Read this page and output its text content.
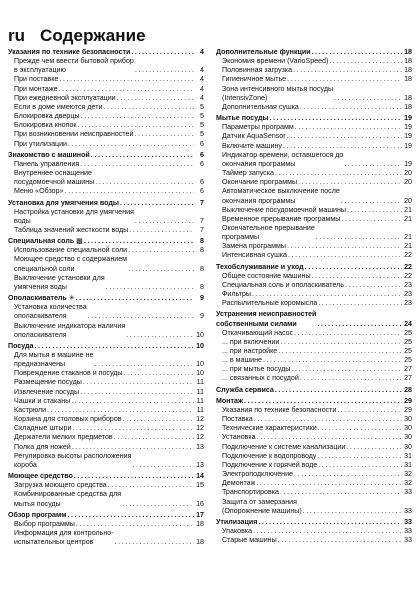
ru Содержание
Указания по технике безопасности .....	4
Прежде чем ввести бытовой прибор
в эксплуатацию .....	4
При поставке .....	4
При монтаже .....	4
При ежедневной эксплуатации .....	4
Если в доме имеются дети .....	5
Блокировка дверцы .....	5
Блокировка кнопок .....	5
При возникновении неисправностей .....	5
При утилизации .....	6
Знакомство с машиной .....	6
Панель управления .....	6
Внутреннее оснащение
посудомоечной машины .....	6
Меню «Обзор» .....	6
Установка для умягчения воды .....	7
Настройка установки для умягчения
воды .....	7
Таблица значений жесткости воды .....	7
Специальная соль ▩ .....	8
Использование специальной соли .....	8
Моющее средство с содержанием
специальной соли .....	8
Выключение установки для
умягчения воды .....	8
Ополаскиватель ✳ .....	9
Установка количества
ополаскивателя .....	9
Выключение индикатора наличия
ополаскивателя .....	10
Посуда .....	10
Для мытья в машине не
предназначены .....	10
Повреждение стаканов и посуды .....	10
Размещение посуды .....	11
Извлечение посуды .....	11
Чашки и стаканы .....	11
Кастрюли .....	11
Корзина для столовых приборов .....	12
Складные штыри .....	12
Держатели мелких предметов .....	12
Полка для ножей .....	13
Регулировка высоты расположения
короба .....	13
Моющее средство .....	14
Загрузка моющего средства .....	15
Комбинированные средства для
мытья посуды .....	16
Обзор программ .....	17
Выбор программы .....	18
Информация для контрольно-
испытательных центров .....	18
Дополнительные функции .....	18
Экономия времени (VarioSpeed) .....	18
Половинная загрузка .....	18
Гигиеничное мытье .....	18
Зона интенсивного мытья посуды
(IntensivZone) .....	18
Дополнительная сушка .....	18
Мытье посуды .....	19
Параметры программ .....	19
Датчик AquaSensor .....	19
Включите машину .....	19
Индикатор времени, оставшегося до
окончания программы .....	19
Таймер запуска .....	20
Окончание программы .....	20
Автоматическое выключение после
окончания программы .....	20
Выключение посудомоечной машины .....	21
Временное прерывание программы .....	21
Окончательное прерывание
программы .....	21
Замена программы .....	21
Интенсивная сушка .....	22
Техобслуживание и уход .....	22
Общее состояние машины .....	22
Специальная соль и ополаскиватель .....	23
Фильтры .....	23
Распылительные коромысла .....	23
Устранения неисправностей
собственными силами .....	24
Откачивающий насос .....	25
... при включении .....	25
... при настройке .....	25
... в машине .....	25
... при мытье посуды .....	27
... связанных с посудой .....	27
Служба сервиса .....	28
Монтаж .....	29
Указания по технике безопасности .....	29
Поставка .....	30
Технические характеристики .....	30
Установка .....	30
Подключение к системе канализации .....	30
Подключение к водопроводу .....	31
Подключение к горячей воде .....	31
Электроподключение .....	32
Демонтаж .....	32
Транспортировка .....	33
Защита от замерзания
(Опорожнение машины) .....	33
Утилизация .....	33
Упаковка .....	33
Старые машины .....	33
